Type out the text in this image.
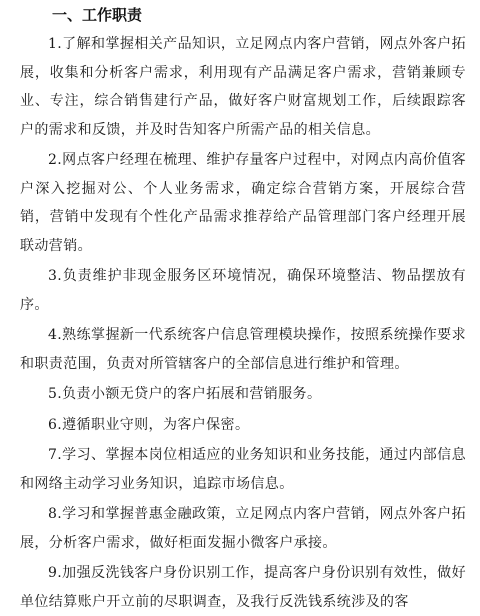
一、工作职责

1.了解和掌握相关产品知识，立足网点内客户营销，网点外客户拓展，收集和分析客户需求，利用现有产品满足客户需求，营销兼顾专业、专注，综合销售建行产品，做好客户财富规划工作，后续跟踪客户的需求和反馈，并及时告知客户所需产品的相关信息。

2.网点客户经理在梳理、维护存量客户过程中，对网点内高价值客户深入挖掘对公、个人业务需求，确定综合营销方案，开展综合营销，营销中发现有个性化产品需求推荐给产品管理部门客户经理开展联动营销。

3.负责维护非现金服务区环境情况，确保环境整洁、物品摆放有序。

4.熟练掌握新一代系统客户信息管理模块操作，按照系统操作要求和职责范围，负责对所管辖客户的全部信息进行维护和管理。

5.负责小额无贷户的客户拓展和营销服务。

6.遵循职业守则，为客户保密。

7.学习、掌握本岗位相适应的业务知识和业务技能，通过内部信息和网络主动学习业务知识，追踪市场信息。

8.学习和掌握普惠金融政策，立足网点内客户营销，网点外客户拓展，分析客户需求，做好柜面发掘小微客户承接。

9.加强反洗钱客户身份识别工作，提高客户身份识别有效性，做好单位结算账户开立前的尽职调查，及我行反洗钱系统涉及的客
